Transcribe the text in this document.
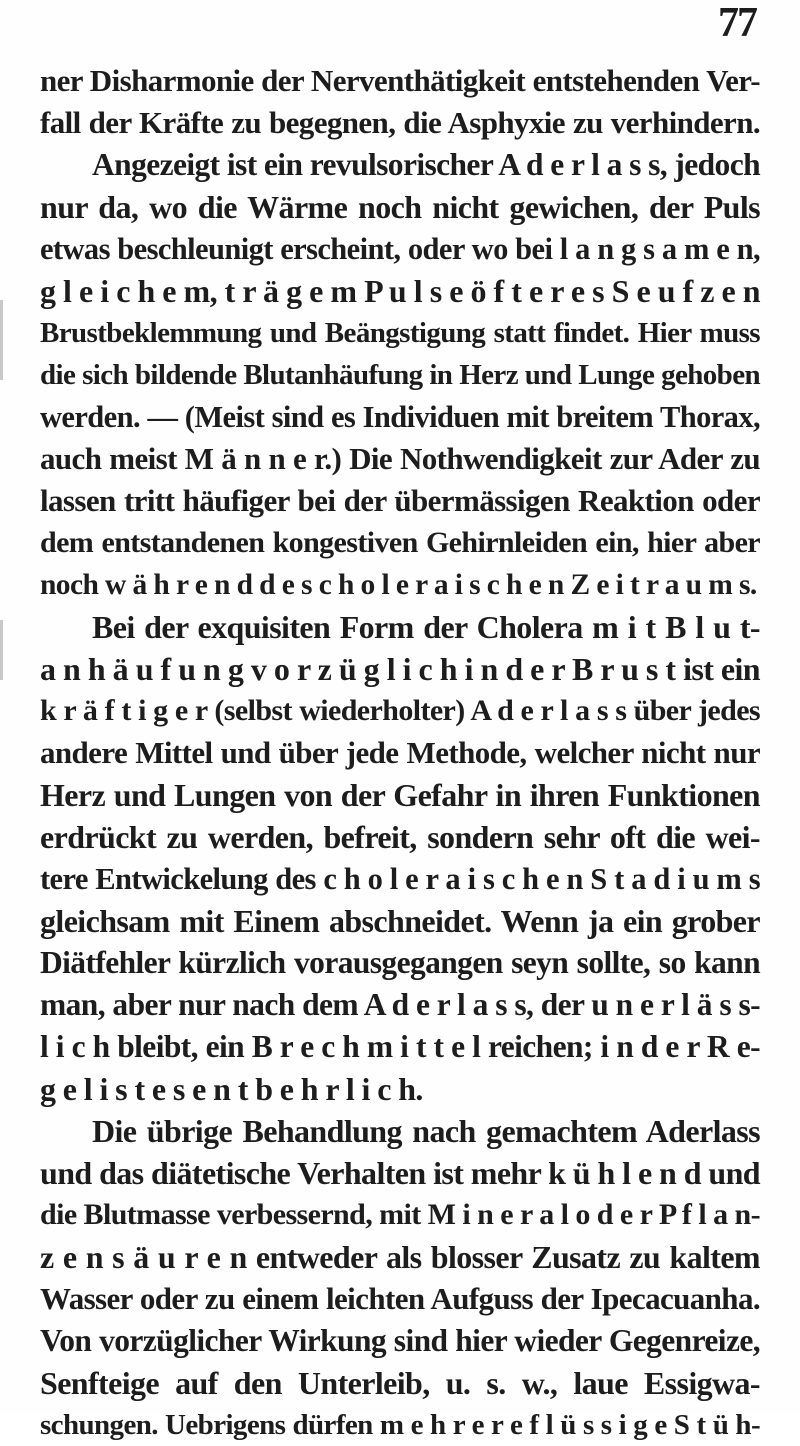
77
ner Disharmonie der Nerventhätigkeit entstehenden Ver-
fall der Kräfte zu begegnen, die Asphyxie zu verhindern.
Angezeigt ist ein revulsorischer A d e r l a s s, jedoch
nur da, wo die Wärme noch nicht gewichen, der Puls
etwas beschleunigt erscheint, oder wo bei l a n g s a m e n,
g l e i c h e m, t r ä g e m P u l s e ö f t e r e s S e u f z e n
Brustbeklemmung und Beängstigung statt findet. Hier muss
die sich bildende Blutanhäufung in Herz und Lunge gehoben
werden. — (Meist sind es Individuen mit breitem Thorax,
auch meist M ä n n e r.) Die Nothwendigkeit zur Ader zu
lassen tritt häufiger bei der übermässigen Reaktion oder
dem entstandenen kongestiven Gehirnleiden ein, hier aber
noch w ä h r e n d d e s c h o l e r a i s c h e n Z e i t r a u m s.
Bei der exquisiten Form der Cholera m i t B l u t-
a n h ä u f u n g v o r z ü g l i c h i n d e r B r u s t ist ein
k r ä f t i g e r (selbst wiederholter) A d e r l a s s über jedes
andere Mittel und über jede Methode, welcher nicht nur
Herz und Lungen von der Gefahr in ihren Funktionen
erdrückt zu werden, befreit, sondern sehr oft die wei-
tere Entwickelung des c h o l e r a i s c h e n S t a d i u m s
gleichsam mit Einem abschneidet. Wenn ja ein grober
Diätfehler kürzlich vorausgegangen seyn sollte, so kann
man, aber nur nach dem A d e r l a s s, der u n e r l ä s s-
l i c h bleibt, ein B r e c h m i t t e l reichen; i n d e r R e-
g e l i s t e s e n t b e h r l i c h.
Die übrige Behandlung nach gemachtem Aderlass
und das diätetische Verhalten ist mehr k ü h l e n d und
die Blutmasse verbessernd, mit M i n e r a l o d e r P f l a n-
z e n s ä u r e n entweder als blosser Zusatz zu kaltem
Wasser oder zu einem leichten Aufguss der Ipecacuanha.
Von vorzüglicher Wirkung sind hier wieder Gegenreize,
Senfteige auf den Unterleib, u. s. w., laue Essigwa-
schungen. Uebrigens dürfen m e h r e r e f l ü s s i g e S t ü h-
